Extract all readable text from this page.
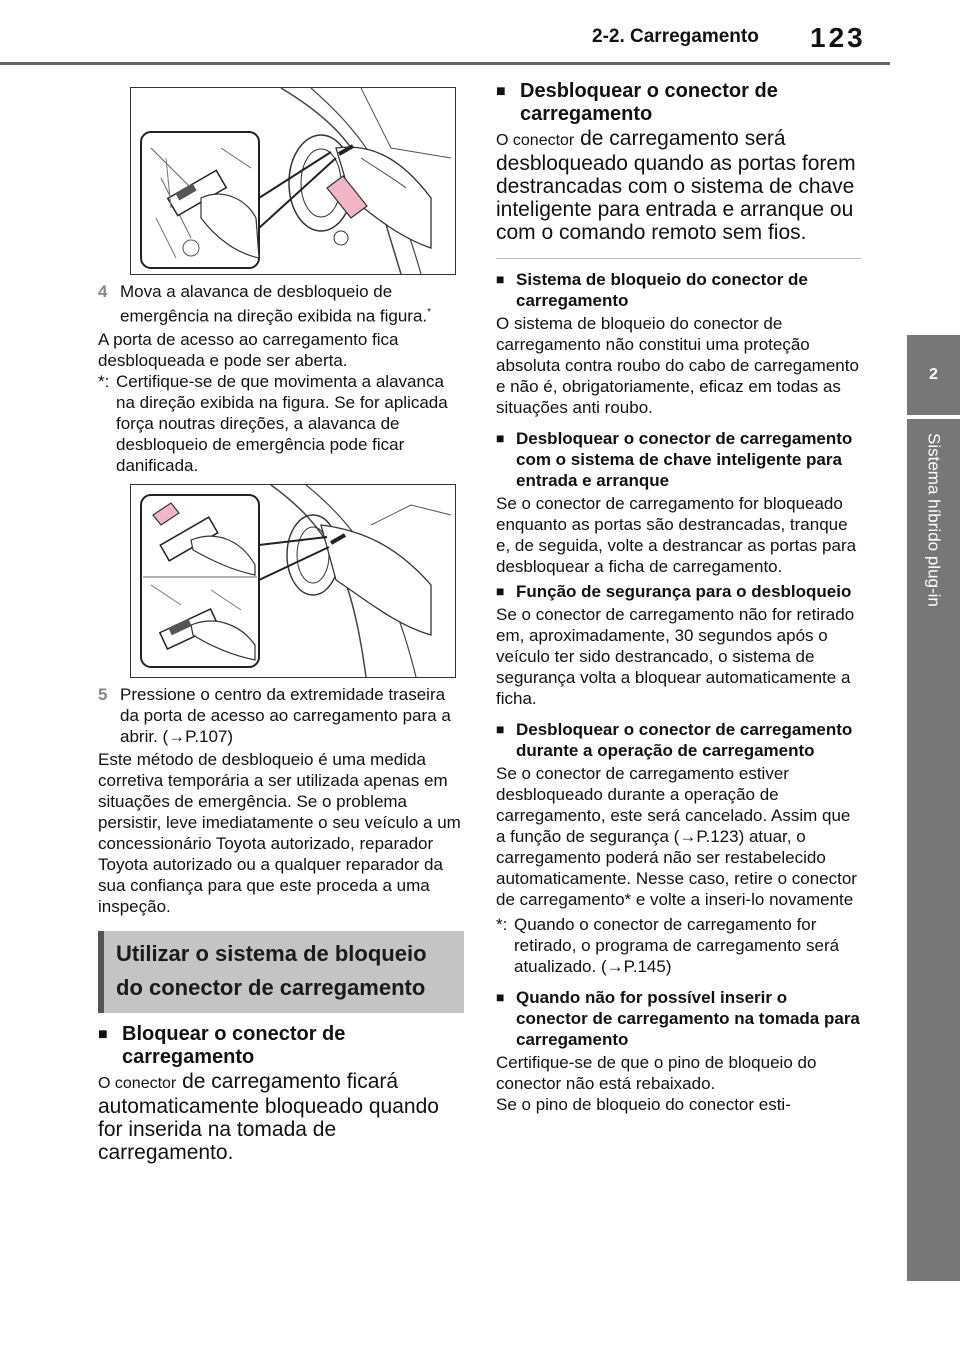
2-2. Carregamento 123
2
Sistema híbrido plug-in
4 Mova a alavanca de desbloqueio de emergência na direção exibida na figura.*

A porta de acesso ao carregamento fica desbloqueada e pode ser aberta.

*: Certifique-se de que movimenta a alavanca na direção exibida na figura. Se for aplicada força noutras direções, a alavanca de desbloqueio de emergência pode ficar danificada.
5 Pressione o centro da extremidade traseira da porta de acesso ao carregamento para a abrir. (→P.107)

Este método de desbloqueio é uma medida corretiva temporária a ser utilizada apenas em situações de emergência. Se o problema persistir, leve imediatamente o seu veículo a um concessionário Toyota autorizado, reparador Toyota autorizado ou a qualquer reparador da sua confiança para que este proceda a uma inspeção.

Utilizar o sistema de bloqueio do conector de carregamento
■ Bloquear o conector de carregamento
O conector de carregamento ficará automaticamente bloqueado quando for inserida na tomada de carregamento.
■ Desbloquear o conector de carregamento
O conector de carregamento será desbloqueado quando as portas forem destrancadas com o sistema de chave inteligente para entrada e arranque ou com o comando remoto sem fios.
■ Sistema de bloqueio do conector de carregamento

O sistema de bloqueio do conector de carregamento não constitui uma proteção absoluta contra roubo do cabo de carregamento e não é, obrigatoriamente, eficaz em todas as situações anti roubo.

■ Desbloquear o conector de carregamento com o sistema de chave inteligente para entrada e arranque

Se o conector de carregamento for bloqueado enquanto as portas são destrancadas, tranque e, de seguida, volte a destrancar as portas para desbloquear a ficha de carregamento.

■ Função de segurança para o desbloqueio

Se o conector de carregamento não for retirado em, aproximadamente, 30 segundos após o veículo ter sido destrancado, o sistema de segurança volta a bloquear automaticamente a ficha.

■ Desbloquear o conector de carregamento durante a operação de carregamento

Se o conector de carregamento estiver desbloqueado durante a operação de carregamento, este será cancelado. Assim que a função de segurança (→P.123) atuar, o carregamento poderá não ser restabelecido automaticamente. Nesse caso, retire o conector de carregamento* e volte a inseri-lo novamente

*: Quando o conector de carregamento for retirado, o programa de carregamento será atualizado. (→P.145)
■ Quando não for possível inserir o conector de carregamento na tomada para carregamento

Certifique-se de que o pino de bloqueio do conector não está rebaixado.

Se o pino de bloqueio do conector esti-
